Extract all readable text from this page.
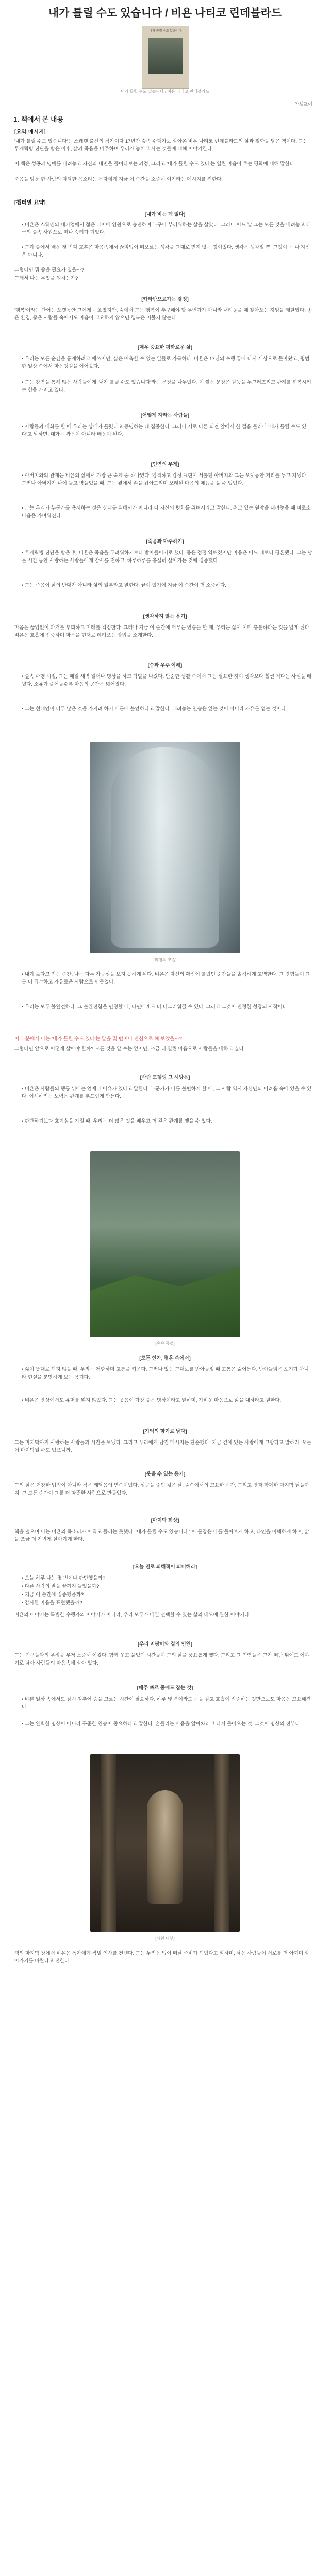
내가 틀릴 수도 있습니다 / 비욘 나티코 린데블라드
내가 틀릴 수도 있습니다
내가 틀릴 수도 있습니다 / 비욘 나티코 린데블라드
안셀프이
1. 책에서 본 내용
[요약 메시지]
'내가 틀릴 수도 있습니다'는 스웨덴 출신의 작가이자 17년간 숲속 수행자로 살아온 비욘 나티코 린데블라드의 삶과 철학을 담은 책이다. 그는 루게릭병 진단을 받은 이후, 삶과 죽음을 마주하며 우리가 놓치고 사는 것들에 대해 이야기한다.
이 책은 성공과 명예를 내려놓고 자신의 내면을 들여다보는 과정, 그리고 '내가 틀릴 수도 있다'는 열린 마음이 주는 평화에 대해 말한다.
죽음을 앞둔 한 사람의 담담한 목소리는 독자에게 지금 이 순간을 소중히 여기라는 메시지를 전한다.
[챕터별 요약]
[내가 비는 게 없다]
• 비욘은 스웨덴의 대기업에서 젊은 나이에 임원으로 승진하며 누구나 부러워하는 삶을 살았다. 그러나 어느 날 그는 모든 것을 내려놓고 태국의 숲속 사원으로 떠나 승려가 되었다.
• 그가 숲에서 배운 첫 번째 교훈은 마음속에서 끊임없이 떠오르는 생각을 그대로 믿지 않는 것이었다. 생각은 생각일 뿐, 그것이 곧 나 자신은 아니다.
그렇다면 뭐 좋을 필요가 있을까?
그래서 나는 무엇을 원하는가?
[카라반으로가는 결정]
'행복'이라는 단어는 오랫동안 그에게 목표였지만, 숲에서 그는 행복이 추구해야 할 무언가가 아니라 내려놓을 때 찾아오는 것임을 깨달았다. 좋은 환경, 좋은 사람들 속에서도 마음이 고요하지 않으면 행복은 머물지 않는다.
[매우 중요한 평화로운 삶]
• 우리는 모든 순간을 통제하려고 애쓰지만, 삶은 예측할 수 없는 일들로 가득하다. 비욘은 17년의 수행 끝에 다시 세상으로 돌아왔고, 평범한 일상 속에서 마음챙김을 이어갔다.
• 그는 강연을 통해 많은 사람들에게 '내가 틀릴 수도 있습니다'라는 문장을 나누었다. 이 짧은 문장은 갈등을 누그러뜨리고 관계를 회복시키는 힘을 가지고 있다.
[어떻게 자라는 사람들]
• 사람들과 대화를 할 때 우리는 상대가 틀렸다고 증명하는 데 집중한다. 그러나 서로 다른 의견 앞에서 한 걸음 물러나 '내가 틀릴 수도 있다'고 말하면, 대화는 싸움이 아니라 배움이 된다.
[인연의 무게]
• 아버지와의 관계는 비욘의 삶에서 가장 큰 숙제 중 하나였다. 엄격하고 감정 표현이 서툴던 아버지와 그는 오랫동안 거리를 두고 지냈다. 그러나 아버지가 나이 들고 병들었을 때, 그는 곁에서 손을 잡아드리며 오래된 마음의 매듭을 풀 수 있었다.
• 그는 우리가 누군가를 용서하는 것은 상대를 위해서가 아니라 나 자신의 평화를 위해서라고 말한다. 쥐고 있는 원망을 내려놓을 때 비로소 마음은 가벼워진다.
[죽음과 마주하기]
• 루게릭병 진단을 받은 후, 비욘은 죽음을 두려워하기보다 받아들이기로 했다. 몸은 점점 약해졌지만 마음은 어느 때보다 평온했다. 그는 남은 시간 동안 사랑하는 사람들에게 감사를 전하고, 하루하루를 충실히 살아가는 것에 집중했다.
• 그는 죽음이 삶의 반대가 아니라 삶의 일부라고 말한다. 끝이 있기에 지금 이 순간이 더 소중하다.
[생각하지 않는 용기]
마음은 끊임없이 과거를 후회하고 미래를 걱정한다. 그러나 지금 이 순간에 머무는 연습을 할 때, 우리는 삶이 이미 충분하다는 것을 알게 된다. 비욘은 호흡에 집중하며 마음을 현재로 데려오는 방법을 소개한다.
[숨과 우주 이해]
• 숲속 수행 시절, 그는 매일 새벽 일어나 명상을 하고 탁발을 나갔다. 단순한 생활 속에서 그는 필요한 것이 생각보다 훨씬 적다는 사실을 배웠다. 소유가 줄어들수록 마음의 공간은 넓어졌다.
• 그는 현대인이 너무 많은 것을 가지려 하기 때문에 불안하다고 말한다. 내려놓는 연습은 잃는 것이 아니라 자유를 얻는 것이다.
[위험의 모습]
• 내가 옳다고 믿는 순간, 나는 다른 가능성을 보지 못하게 된다. 비욘은 자신의 확신이 틀렸던 순간들을 솔직하게 고백한다. 그 경험들이 그를 더 겸손하고 자유로운 사람으로 만들었다.
• 우리는 모두 불완전하다. 그 불완전함을 인정할 때, 타인에게도 더 너그러워질 수 있다. 그리고 그것이 진정한 성장의 시작이다.
이 부분에서 나는 '내가 틀릴 수도 있다'는 말을 몇 번이나 진심으로 해 보았을까?
그렇다면 앞으로 어떻게 살아야 할까? 모든 것을 알 수는 없지만, 조금 더 열린 마음으로 사람들을 대하고 싶다.
[사람 모델링 그 시방은]
• 비욘은 사람들의 행동 뒤에는 언제나 이유가 있다고 말한다. 누군가가 나를 불편하게 할 때, 그 사람 역시 자신만의 어려움 속에 있을 수 있다. 이해하려는 노력은 관계를 부드럽게 만든다.
• 판단하기보다 호기심을 가질 때, 우리는 더 많은 것을 배우고 더 깊은 관계를 맺을 수 있다.
[숲속 풍경]
[모든 인가, 평온 속에서]
• 삶이 뜻대로 되지 않을 때, 우리는 저항하며 고통을 키운다. 그러나 있는 그대로를 받아들일 때 고통은 줄어든다. 받아들임은 포기가 아니라 현실을 분명하게 보는 용기다.
• 비욘은 병상에서도 유머를 잃지 않았다. 그는 웃음이 가장 좋은 명상이라고 말하며, 가벼운 마음으로 삶을 대하라고 권한다.
[기억의 향기로 남다]
그는 마지막까지 사랑하는 사람들과 시간을 보냈다. 그리고 우리에게 남긴 메시지는 단순했다. 지금 곁에 있는 사람에게 고맙다고 말하라. 오늘이 마지막일 수도 있으니까.
[웃을 수 있는 용기]
그의 삶은 거창한 업적이 아니라 작은 깨달음의 연속이었다. 성공을 좇던 젊은 날, 숲속에서의 고요한 시간, 그리고 병과 함께한 마지막 날들까지. 그 모든 순간이 그를 더 따뜻한 사람으로 만들었다.
[마지막 회상]
책을 덮으며 나는 비욘의 목소리가 아직도 들리는 듯했다. '내가 틀릴 수도 있습니다.' 이 문장은 나를 돌아보게 하고, 타인을 이해하게 하며, 삶을 조금 더 가볍게 살아가게 한다.
[오늘 진로 의해적이 의미해라]
• 오늘 하루 나는 몇 번이나 판단했을까?
• 다른 사람의 말을 끝까지 들었을까?
• 지금 이 순간에 집중했을까?
• 감사한 마음을 표현했을까?
비욘의 이야기는 특별한 수행자의 이야기가 아니라, 우리 모두가 매일 선택할 수 있는 삶의 태도에 관한 이야기다.
[우리 지팡이와 곁의 인연]
그는 친구들과의 우정을 무척 소중히 여겼다. 함께 웃고 울었던 시간들이 그의 삶을 풍요롭게 했다. 그리고 그 인연들은 그가 떠난 뒤에도 이야기로 남아 사람들의 마음속에 살아 있다.
[매주 빠르 중에도 잡는 것]
• 바쁜 일상 속에서도 잠시 멈추어 숨을 고르는 시간이 필요하다. 하루 몇 분이라도 눈을 감고 호흡에 집중하는 것만으로도 마음은 고요해진다.
• 그는 완벽한 명상이 아니라 꾸준한 연습이 중요하다고 말한다. 흔들리는 마음을 알아차리고 다시 돌아오는 것, 그것이 명상의 전부다.
[사원 내부]
책의 마지막 장에서 비욘은 독자에게 작별 인사를 건넨다. 그는 두려움 없이 떠날 준비가 되었다고 말하며, 남은 사람들이 서로를 더 아끼며 살아가기를 바란다고 전한다.
